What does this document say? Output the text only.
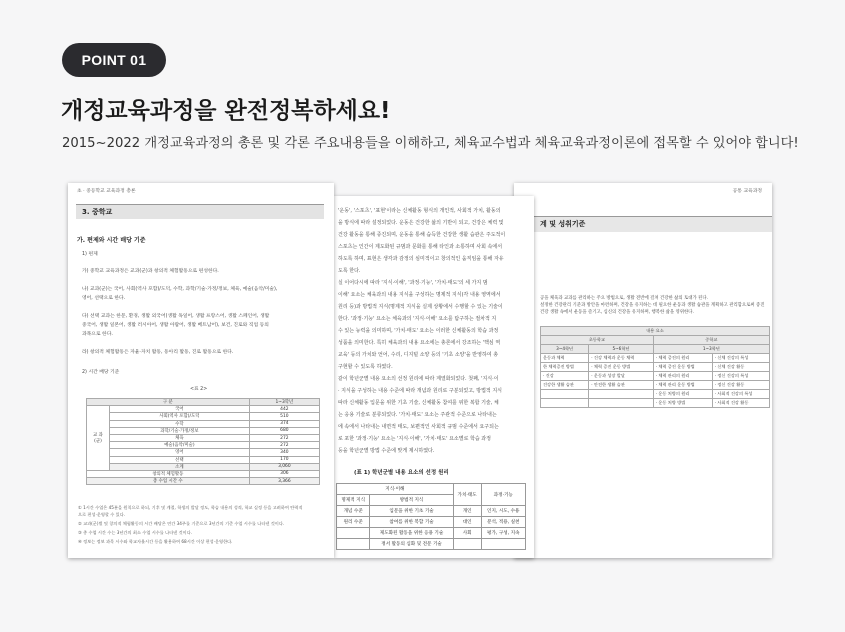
POINT 01
개정교육과정을 완전정복하세요!
2015~2022 개정교육과정의 총론 및 각론 주요내용들을 이해하고, 체육교수법과 체육교육과정이론에 접목할 수 있어야 합니다!
공통 교육과정
계 및 성취기준
공을 체육과 교과를 관리하는 주요 방법으로, 생활 전반에 걸쳐 건강한 삶의 토대가 된다.
설정한 건강관리 기준과 방안을 마련하며, 건강을 유지하는 데 필요한 운동과 생활 습관을 계획하고 관리함으로써 증진
건강 생활 속에서 운동을 즐기고, 심신의 건강을 유지하며, 행복한 삶을 영위한다.
내용 요소			
초등학교		중학교	
3~4학년	5~6학년	1~3학년	
운동과 체력	· 건강 체력과 운동 체력	· 체력 증진의 원리	· 신체 건강의 특성
한 체력증진 방법	· 체력 증진 운동 방법	· 체력 증진 운동 방법	· 신체 건강 활동
· 건강	· 운동과 성장 발달	· 체력 관리의 원리	· 정신 건강의 특성
건강한 생활 습관	· 안전한 생활 습관	· 체력 관리 운동 방법	· 정신 건강 활동
		· 운동 처방의 원리	· 사회적 건강의 특성
		· 운동 처방 방법	· 사회적 건강 활동
'운동', '스포츠', '표현'이라는 신체활동 형식의 개인적, 사회적 가치, 활동의
을 방식에 따라 설정되었다. 운동은 건강한 삶의 기반이 되고, 건강은 체력 및
건강 활동을 통해 증진되며, 운동을 통해 습득한 건강한 생활 습관은 주도적이
스포츠는 인간이 제도화된 규범과 문화를 통해 타인과 소통하며 사회 속에서
하도록 하며, 표현은 생각과 감정의 심미적이고 창의적인 움직임을 통해 자유
도록 한다.
실 이어다시에 따라 '지식·이해', '과정·기능', '가치·태도'의 세 가지 범
이해' 요소는 체육과의 내용 지식을 구성하는 명제적 지식(각 내용 영역에서
원리 등)과 방법적 지식(명제적 지식을 실제 상황에서 수행할 수 있는 기술이
한다. '과정·기능' 요소는 체육과의 '지식·이해' 요소를 탐구하는 절차적 지
수 있는 능력을 의미하며, '가치·태도' 요소는 이러한 신체활동의 학습 과정
성품을 의미한다. 특히 체육과의 내용 요소에는 총론에서 강조하는 '핵심 역
교육' 등의 가치와 언어, 수리, 디지털 소양 등의 '기초 소양'을 반영하여 총
구현할 수 있도록 하였다.
같이 학년군별 내용 요소의 선정 원리에 따라 계열화되었다. 첫째, '지식·이
· 지식을 구성하는 내용 수준에 따라 개념과 원리로 구분되었고, 방법적 지식
따라 신체활동 입문을 위한 기초 기술, 신체활동 참여를 위한 복합 기술, 체
는 응용 기술로 분류되었다. '가치·태도' 요소는 주관적 수준으로 나타내는
에 속에서 나타내는 내면적 태도, 보편적인 사회적 규범 수준에서 요구되는
로 포한 '과정·기능' 요소는 '지식·이해', '가치·태도' 요소별로 학습 과정
등을 학년군별 방법 수준에 맞게 제시하였다.
(표 1) 학년군별 내용 요소의 선정 원리
지식·이해		가치·태도	과정·기능
명제적 지식	방법적 지식		
개념 수준	입문을 위한 기초 기술	개인	인지, 시도, 수용
원리 수준	참여를 위한 복합 기술	대인	분석, 적용, 실천
	제도화된 활동을 위한 응용 기술	사회	평가, 구성, 지속
	정서 활동의 심화 및 전문 기술		
초 · 중등학교 교육과정 총론
3. 중학교
가. 편제와 시간 배당 기준
1) 편제
가) 중학교 교육과정은 교과(군)과 창의적 체험활동으로 편성한다.
나) 교과(군)는 국어, 사회(역사 포함)/도덕, 수학, 과학/기술·가정/정보, 체육, 예술(음악/미술),
영어, 선택으로 한다.
다) 선택 교과는 한문, 환경, 생활 외국어(생활 독일어, 생활 프랑스어, 생활 스페인어, 생활
중국어, 생활 일본어, 생활 러시아어, 생활 아랍어, 생활 베트남어), 보건, 진로와 직업 등의
과목으로 한다.
라) 창의적 체험활동은 자율·자치 활동, 동아리 활동, 진로 활동으로 한다.
2) 시간 배당 기준
<표 2>
구 분		1~3학년
교 과 (군)	국어	442
	사회(역사 포함)/도덕	510
	수학	374
	과학/기술·가정/정보	680
	체육	272
	예술(음악/미술)	272
	영어	340
	선택	170
	소계	3,060
창의적 체험활동		306
총 수업 시간 수		3,366
① 1시간 수업은 45분을 원칙으로 하되, 기후 및 계절, 학생의 발달 정도, 학습 내용의 성격, 학교 실정 등을 고려하여 탄력적
으로 편성·운영할 수 있다.
② 교과(군)별 및 창의적 체험활동의 시간 배당은 연간 34주를 기준으로 3년간의 기준 수업 시수를 나타낸 것이다.
③ 총 수업 시간 수는 3년간의 최소 수업 시수를 나타낸 것이다.
④ 정보는 정보 과목 시수와 학교자율시간 등을 활용하여 68시간 이상 편성·운영한다.
